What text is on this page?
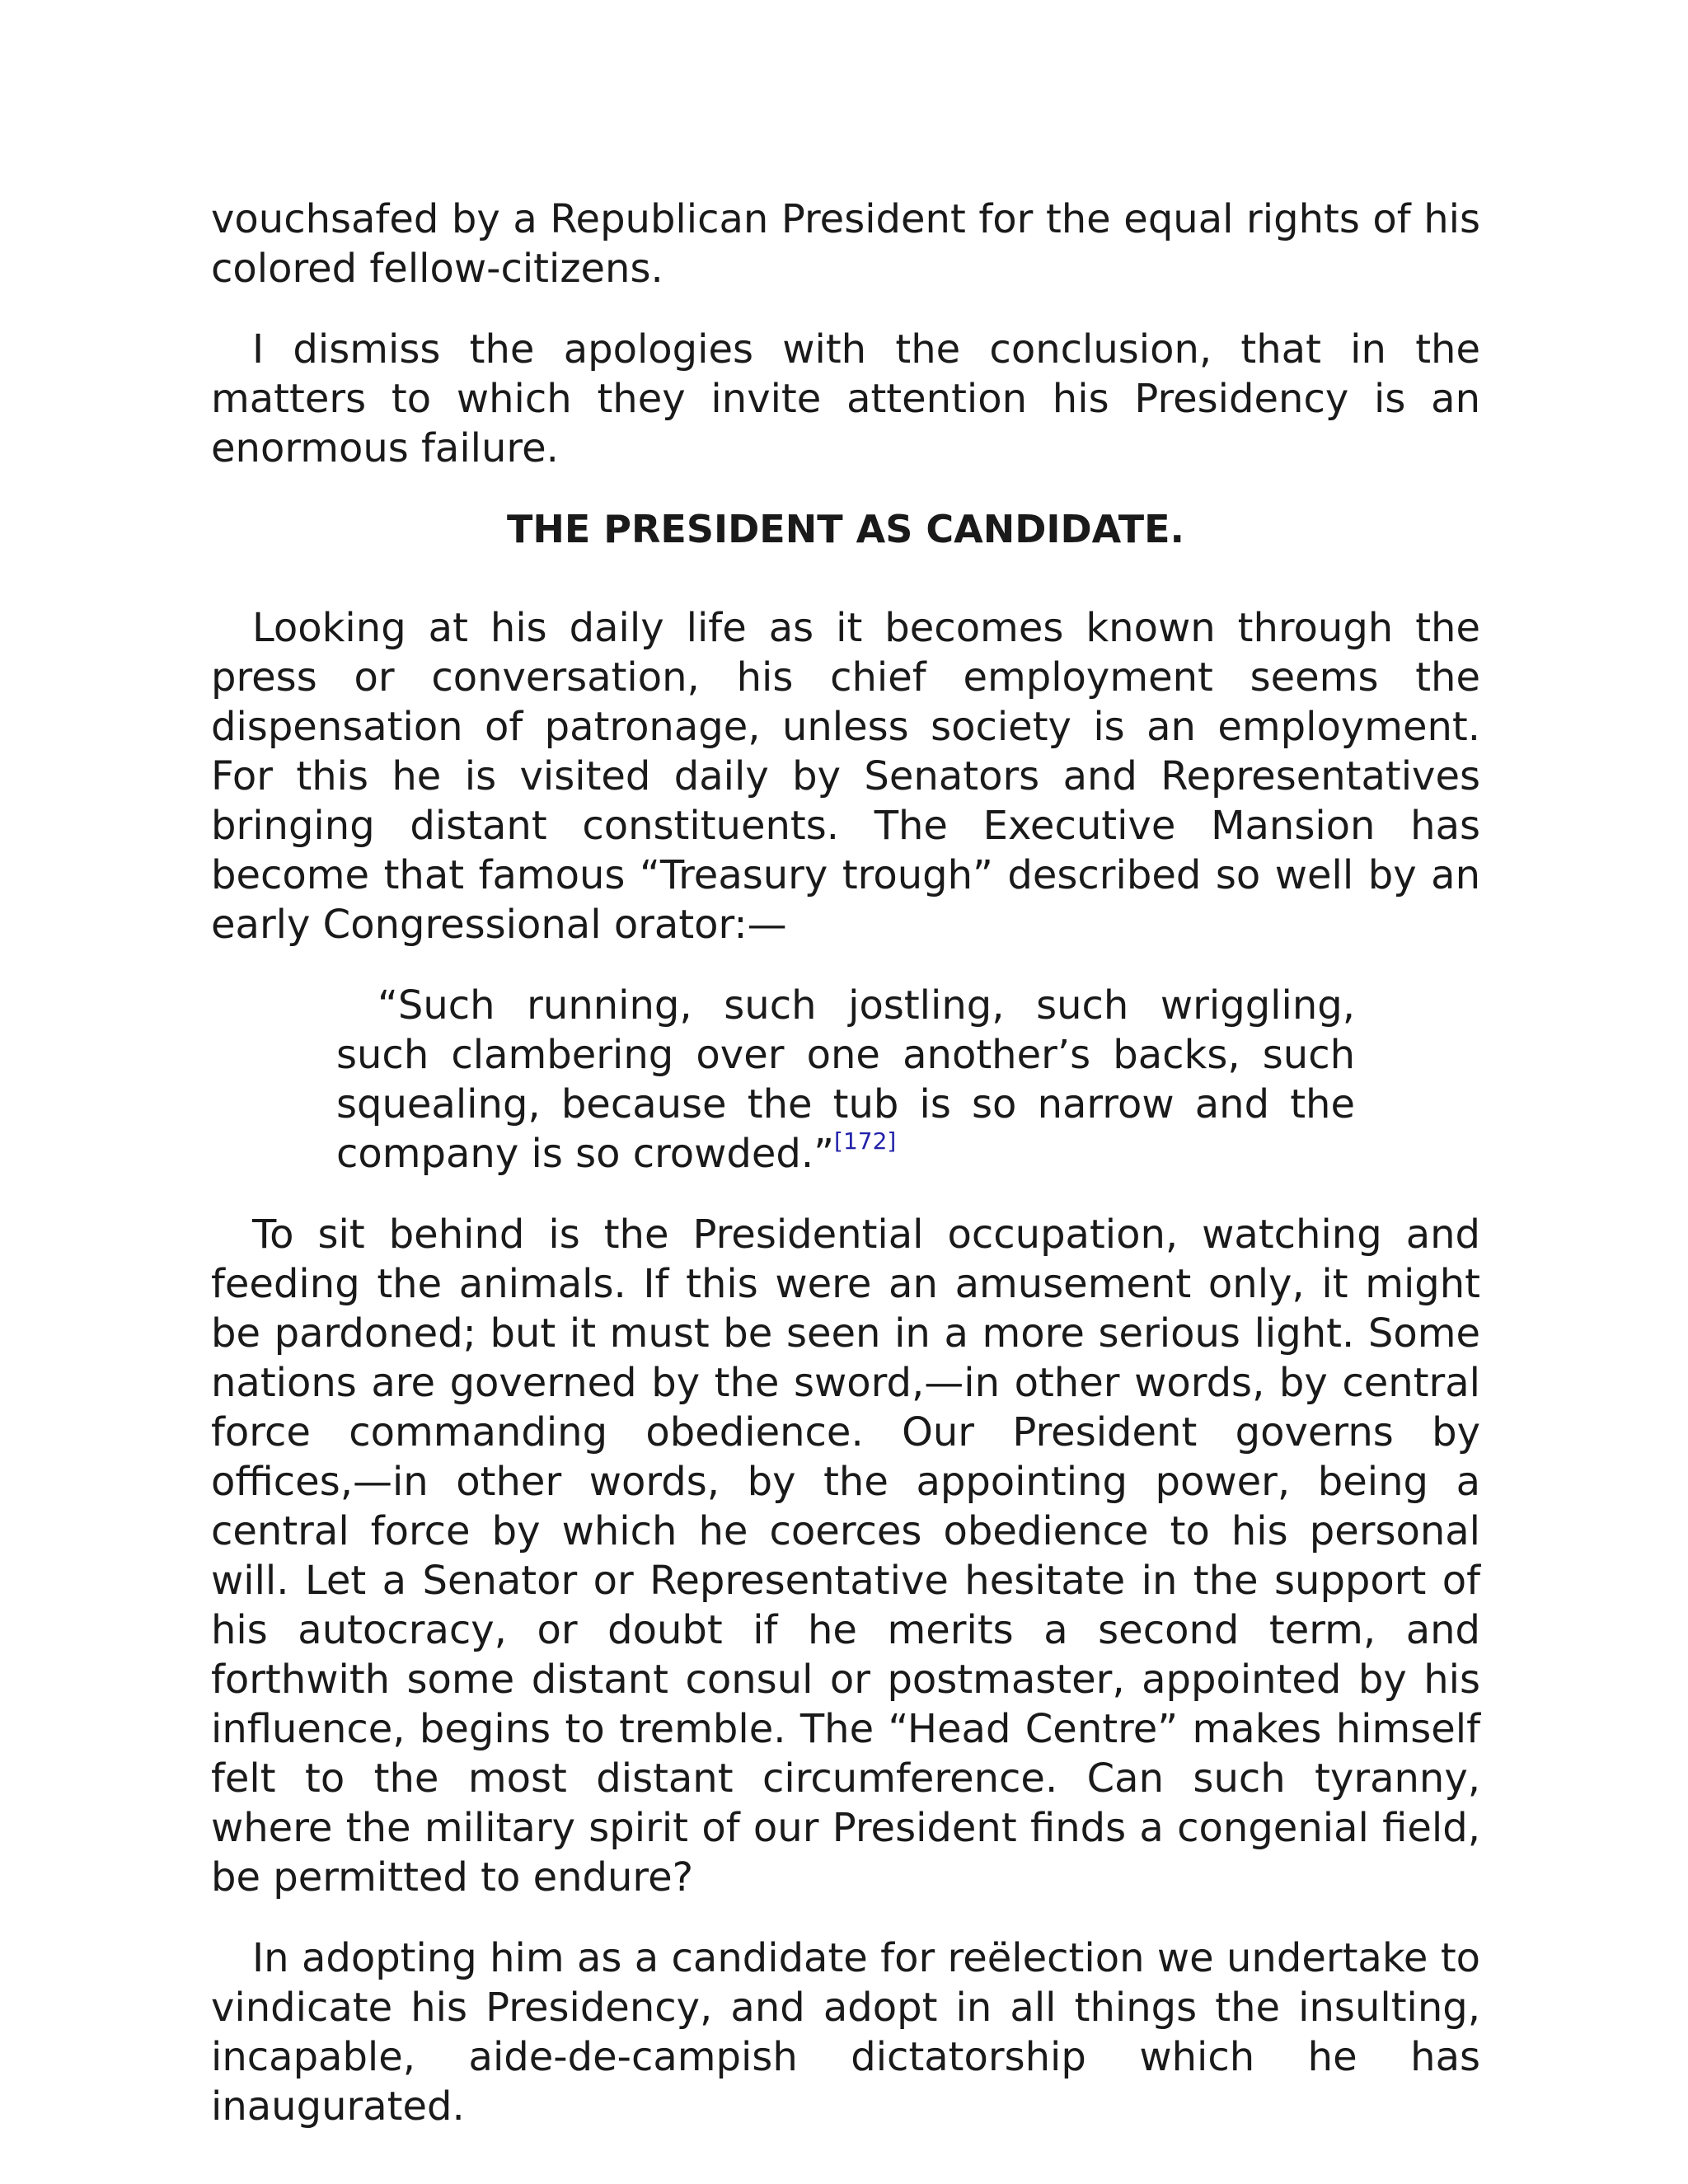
vouchsafed by a Republican President for the equal rights of his colored fellow-citizens.

I dismiss the apologies with the conclusion, that in the matters to which they invite attention his Presidency is an enormous failure.

THE PRESIDENT AS CANDIDATE.

Looking at his daily life as it becomes known through the press or conversation, his chief employment seems the dispensation of patronage, unless society is an employment. For this he is visited daily by Senators and Representatives bringing distant constituents. The Executive Mansion has become that famous “Treasury trough” described so well by an early Congressional orator:—

“Such running, such jostling, such wriggling, such clambering over one another’s backs, such squealing, because the tub is so narrow and the company is so crowded.”[172]

To sit behind is the Presidential occupation, watching and feeding the animals. If this were an amusement only, it might be pardoned; but it must be seen in a more serious light. Some nations are governed by the sword,—in other words, by central force commanding obedience. Our President governs by offices,—in other words, by the appointing power, being a central force by which he coerces obedience to his personal will. Let a Senator or Representative hesitate in the support of his autocracy, or doubt if he merits a second term, and forthwith some distant consul or postmaster, appointed by his influence, begins to tremble. The “Head Centre” makes himself felt to the most distant circumference. Can such tyranny, where the military spirit of our President finds a congenial field, be permitted to endure?

In adopting him as a candidate for reëlection we undertake to vindicate his Presidency, and adopt in all things the insulting, incapable, aide-de-campish dictatorship which he has inaugurated.
